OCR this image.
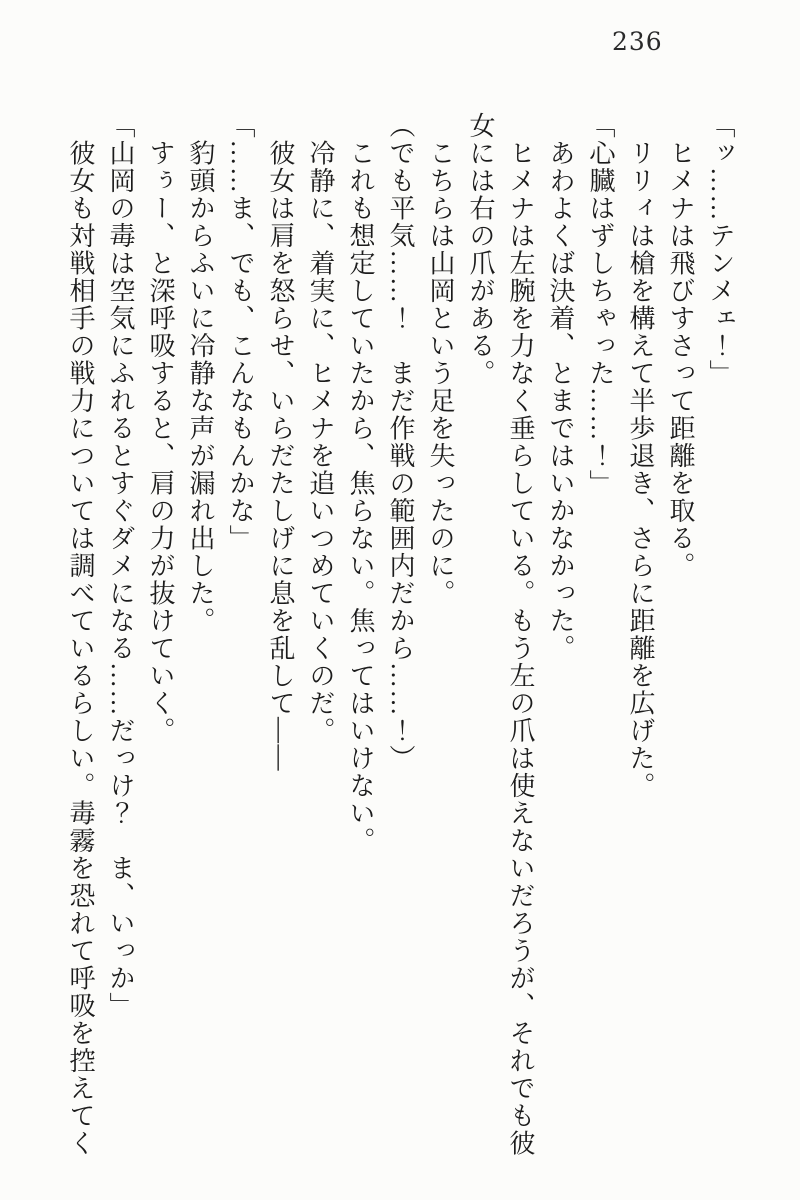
236
「ッ……テンメェ！」
　ヒメナは飛びすさって距離を取る。
　リリィは槍を構えて半歩退き、さらに距離を広げた。
「心臓はずしちゃった……！」
　あわよくば決着、とまではいかなかった。
　ヒメナは左腕を力なく垂らしている。もう左の爪は使えないだろうが、それでも彼
女には右の爪がある。
　こちらは山岡という足を失ったのに。
（でも平気……！　まだ作戦の範囲内だから……！）
　これも想定していたから、焦らない。焦ってはいけない。
　冷静に、着実に、ヒメナを追いつめていくのだ。
　彼女は肩を怒らせ、いらだたしげに息を乱して――
「……ま、でも、こんなもんかな」
　豹頭からふいに冷静な声が漏れ出した。
　すぅー、と深呼吸すると、肩の力が抜けていく。
「山岡の毒は空気にふれるとすぐダメになる……だっけ？　ま、いっか」
　彼女も対戦相手の戦力については調べているらしい。毒霧を恐れて呼吸を控えてく
